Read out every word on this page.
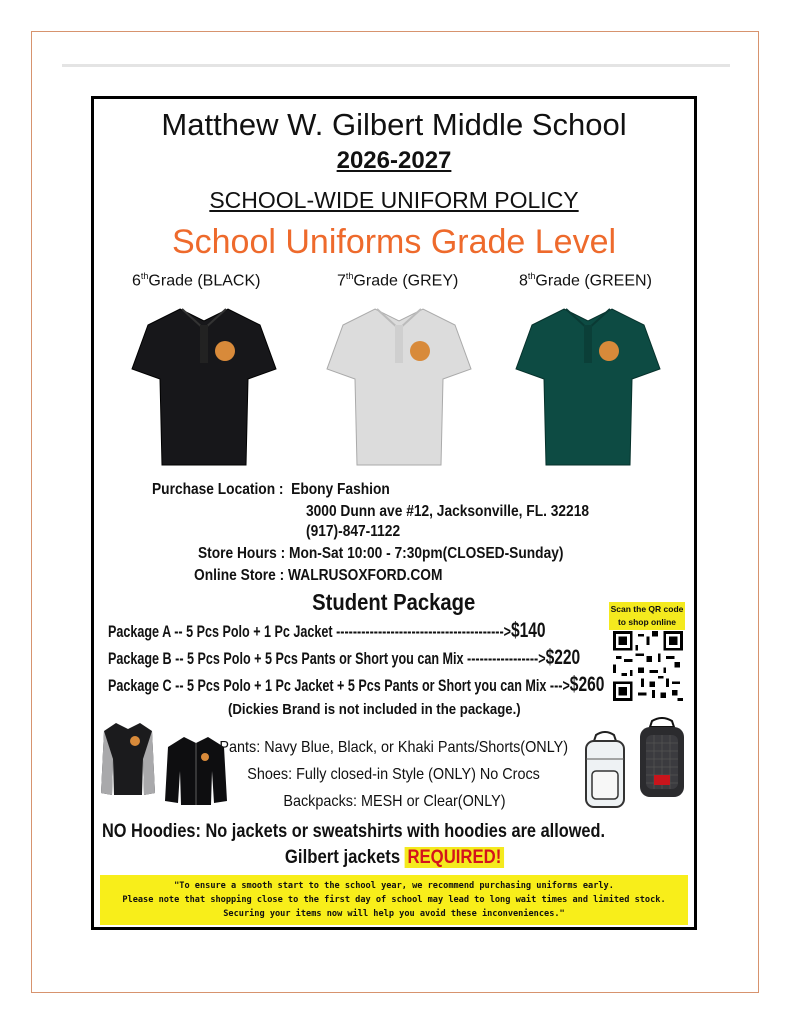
Matthew W. Gilbert Middle School
2026-2027
SCHOOL-WIDE UNIFORM POLICY
School Uniforms Grade Level
6thGrade (BLACK)	7thGrade (GREY)	8thGrade (GREEN)
Purchase Location : Ebony Fashion
3000 Dunn ave #12, Jacksonville, FL. 32218
(917)-847-1122
Store Hours : Mon-Sat 10:00 - 7:30pm(CLOSED-Sunday)
Online Store : WALRUSOXFORD.COM
Student Package
Package A -- 5 Pcs Polo + 1 Pc Jacket ---------------------------------------->$140
Package B -- 5 Pcs Polo + 5 Pcs Pants or Short you can Mix ----------------->$220
Package C -- 5 Pcs Polo + 1 Pc Jacket + 5 Pcs Pants or Short you can Mix --->$260
Scan the QR code to shop online
(Dickies Brand is not included in the package.)
Pants: Navy Blue, Black, or Khaki Pants/Shorts(ONLY)
Shoes: Fully closed-in Style (ONLY) No Crocs
Backpacks: MESH or Clear(ONLY)
NO Hoodies: No jackets or sweatshirts with hoodies are allowed.
Gilbert jackets REQUIRED!
"To ensure a smooth start to the school year, we recommend purchasing uniforms early.
Please note that shopping close to the first day of school may lead to long wait times and limited stock.
Securing your items now will help you avoid these inconveniences."
